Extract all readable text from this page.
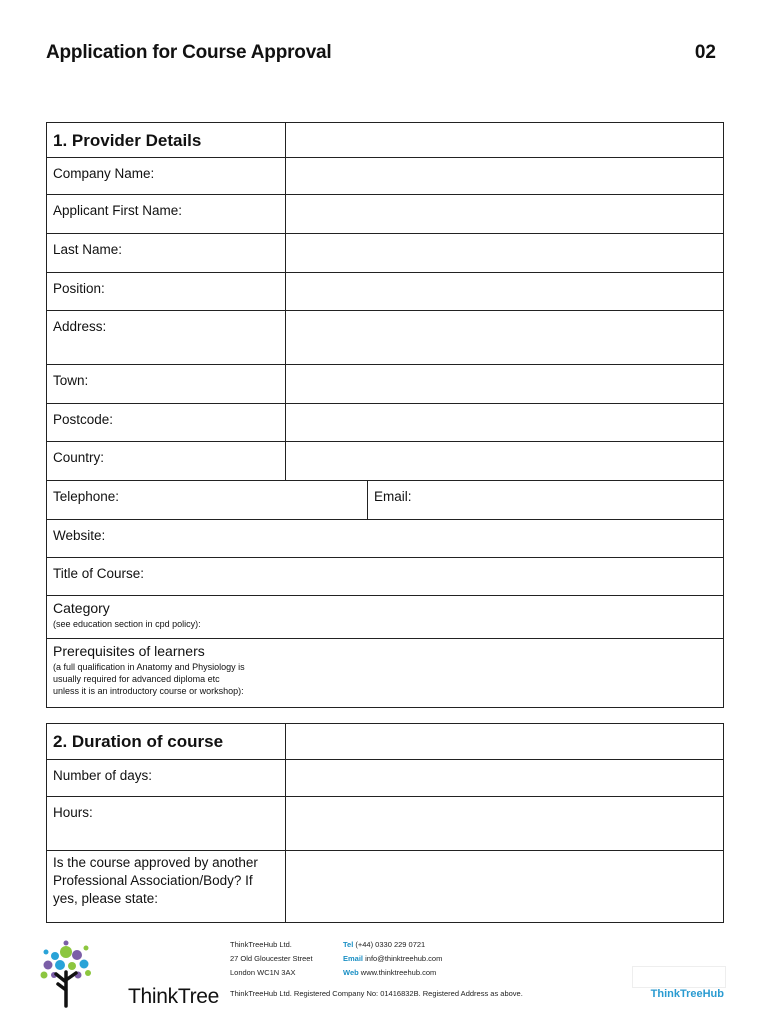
Application for Course Approval	02
1. Provider Details	
Company Name:	
Applicant First Name:	
Last Name:	
Position:	
Address:	
Town:	
Postcode:	
Country:	

Telephone:	Email:

Website:
Title of Course:
Category
(see education section in cpd policy):

Prerequisites of learners
(a full qualification in Anatomy and Physiology is
usually required for advanced diploma etc
unless it is an introductory course or workshop):
2. Duration of course	
Number of days:	
Hours:	
Is the course approved by another Professional Association/Body? If yes, please state:	
ThinkTree
ThinkTreeHub Ltd.
27 Old Gloucester Street
London WC1N 3AX
Tel (+44) 0330 229 0721
Email info@thinktreehub.com
Web www.thinktreehub.com
ThinkTreeHub Ltd. Registered Company No: 01416832B. Registered Address as above.	ThinkTreeHub
